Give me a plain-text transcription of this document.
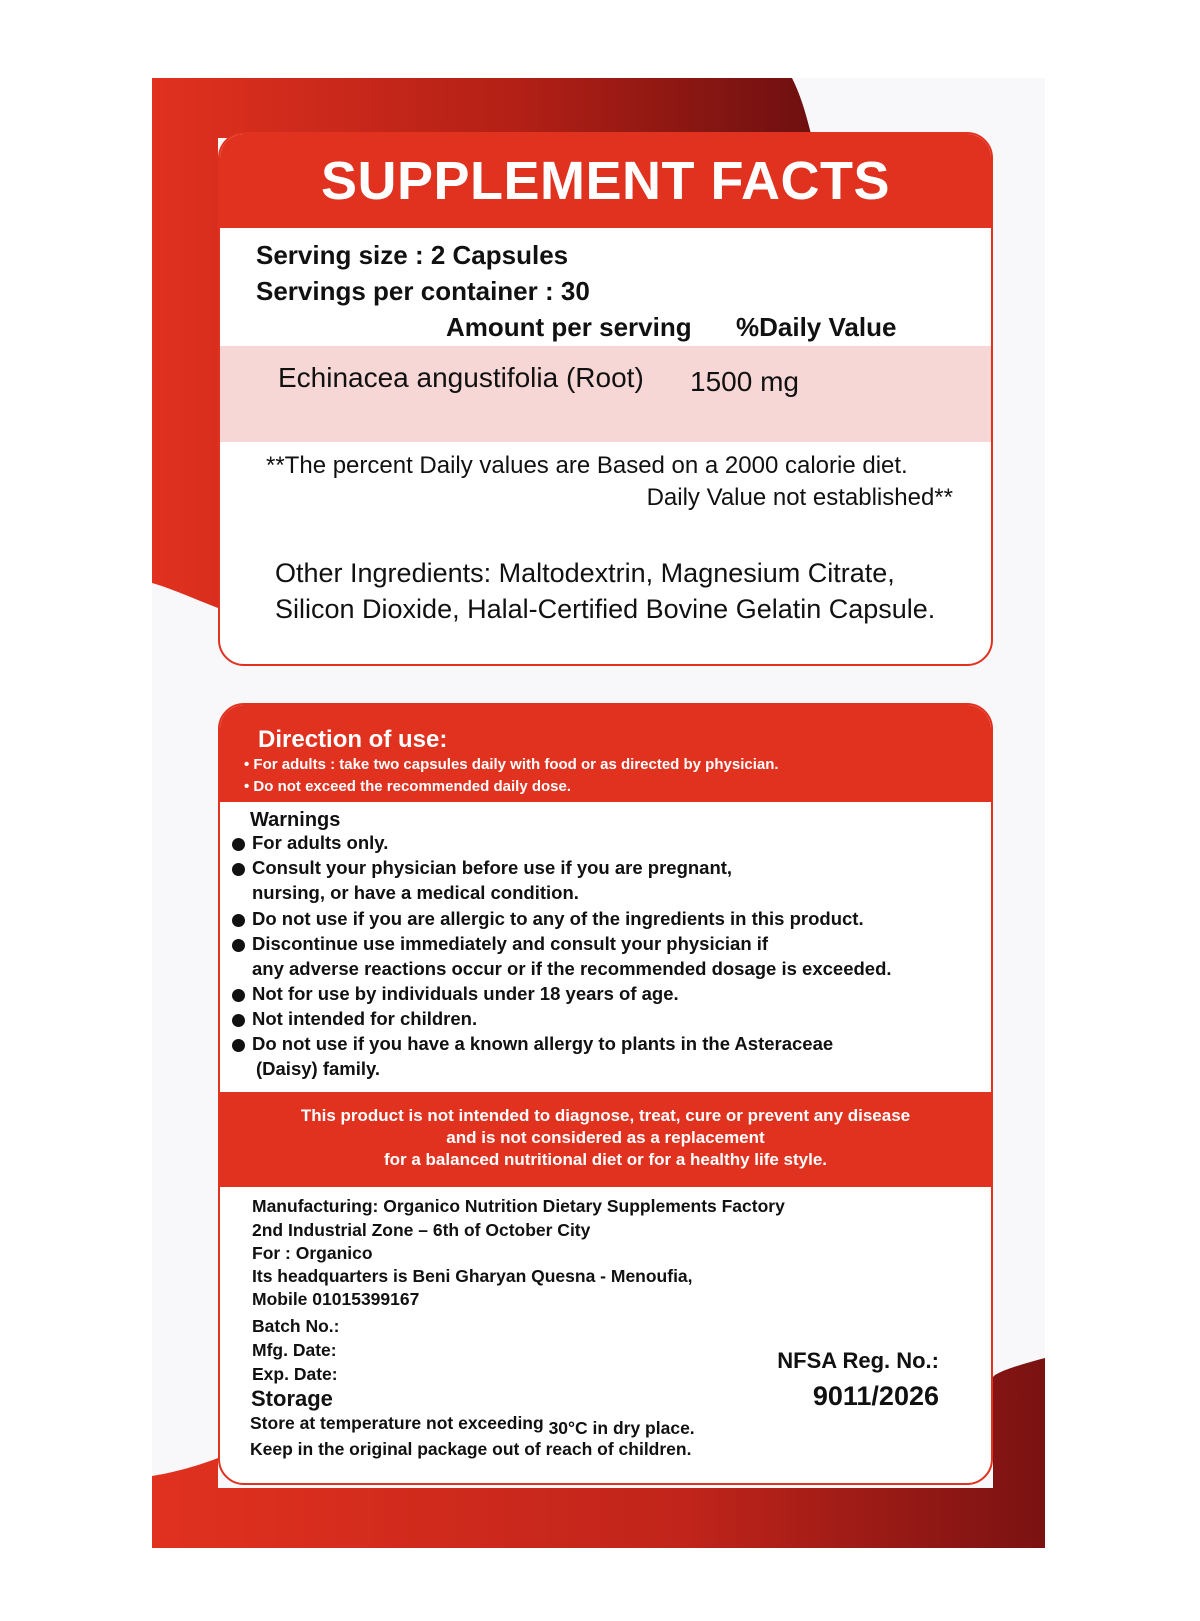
SUPPLEMENT FACTS
Serving size : 2 Capsules
Servings per container : 30
Amount per serving %Daily Value
Echinacea angustifolia (Root) 1500 mg
**The percent Daily values are Based on a 2000 calorie diet.
Daily Value not established**
Other Ingredients: Maltodextrin, Magnesium Citrate,
Silicon Dioxide, Halal-Certified Bovine Gelatin Capsule.
Direction of use:
• For adults : take two capsules daily with food or as directed by physician.
• Do not exceed the recommended daily dose.
Warnings
For adults only.
Consult your physician before use if you are pregnant,
nursing, or have a medical condition.
Do not use if you are allergic to any of the ingredients in this product.
Discontinue use immediately and consult your physician if
any adverse reactions occur or if the recommended dosage is exceeded.
Not for use by individuals under 18 years of age.
Not intended for children.
Do not use if you have a known allergy to plants in the Asteraceae
(Daisy) family.
This product is not intended to diagnose, treat, cure or prevent any disease
and is not considered as a replacement
for a balanced nutritional diet or for a healthy life style.
Manufacturing: Organico Nutrition Dietary Supplements Factory
2nd Industrial Zone – 6th of October City
For : Organico
Its headquarters is Beni Gharyan Quesna - Menoufia,
Mobile 01015399167
Batch No.:
Mfg. Date:
Exp. Date:
NFSA Reg. No.:
9011/2026
Storage
Store at temperature not exceeding 30°C in dry place.
Keep in the original package out of reach of children.
